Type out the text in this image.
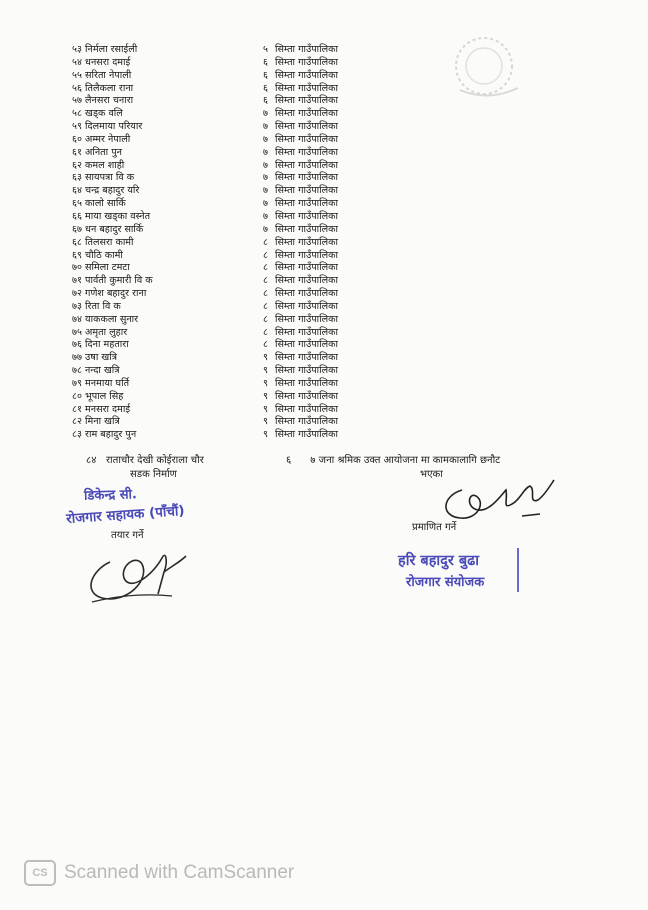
५३ निर्मला रसाईली
५४ धनसरा दमाई
५५ सरिता नेपाली
५६ तिलैकला राना
५७ लैनसरा चनारा
५८ खड्क वलि
५९ दिलमाया परियार
६० अम्मर नेपाली
६१ अनिता पुन
६२ कमल शाही
६३ सायपत्रा वि क
६४ चन्द्र बहादुर यरि
६५ कालो सार्कि
६६ माया खड्का वस्नेत
६७ धन बहादुर सार्कि
६८ तिलसरा कामी
६९ चौठि कामी
७० समिला टमटा
७१ पार्वती कुमारी वि क
७२ गणेश बहादुर राना
७३ रिता वि क
७४ याककला सुनार
७५ अमृता लुहार
७६ दिना महतारा
७७ उषा खत्रि
७८ नन्दा खत्रि
७९ मनमाया घर्ति
८० भूपाल सिह
८१ मनसरा दमाई
८२ मिना खत्रि
८३ राम बहादुर पुन
५ सिम्ता गाउँपालिका
६ सिम्ता गाउँपालिका
६ सिम्ता गाउँपालिका
६ सिम्ता गाउँपालिका
६ सिम्ता गाउँपालिका
७ सिम्ता गाउँपालिका
७ सिम्ता गाउँपालिका
७ सिम्ता गाउँपालिका
७ सिम्ता गाउँपालिका
७ सिम्ता गाउँपालिका
७ सिम्ता गाउँपालिका
७ सिम्ता गाउँपालिका
७ सिम्ता गाउँपालिका
७ सिम्ता गाउँपालिका
७ सिम्ता गाउँपालिका
८ सिम्ता गाउँपालिका
८ सिम्ता गाउँपालिका
८ सिम्ता गाउँपालिका
८ सिम्ता गाउँपालिका
८ सिम्ता गाउँपालिका
८ सिम्ता गाउँपालिका
८ सिम्ता गाउँपालिका
८ सिम्ता गाउँपालिका
८ सिम्ता गाउँपालिका
९ सिम्ता गाउँपालिका
९ सिम्ता गाउँपालिका
९ सिम्ता गाउँपालिका
९ सिम्ता गाउँपालिका
९ सिम्ता गाउँपालिका
९ सिम्ता गाउँपालिका
९ सिम्ता गाउँपालिका
८४ राताचौर देखी कोईराला चौर
सडक निर्माण
६ ७ जना श्रमिक उक्त आयोजना मा कामकालागि छनौट
भएका
डिकेन्द्र सी.
रोजगार सहायक (पाँचौं)
तयार गर्ने
प्रमाणित गर्ने
हरि बहादुर बुढा
रोजगार संयोजक
CS Scanned with CamScanner
